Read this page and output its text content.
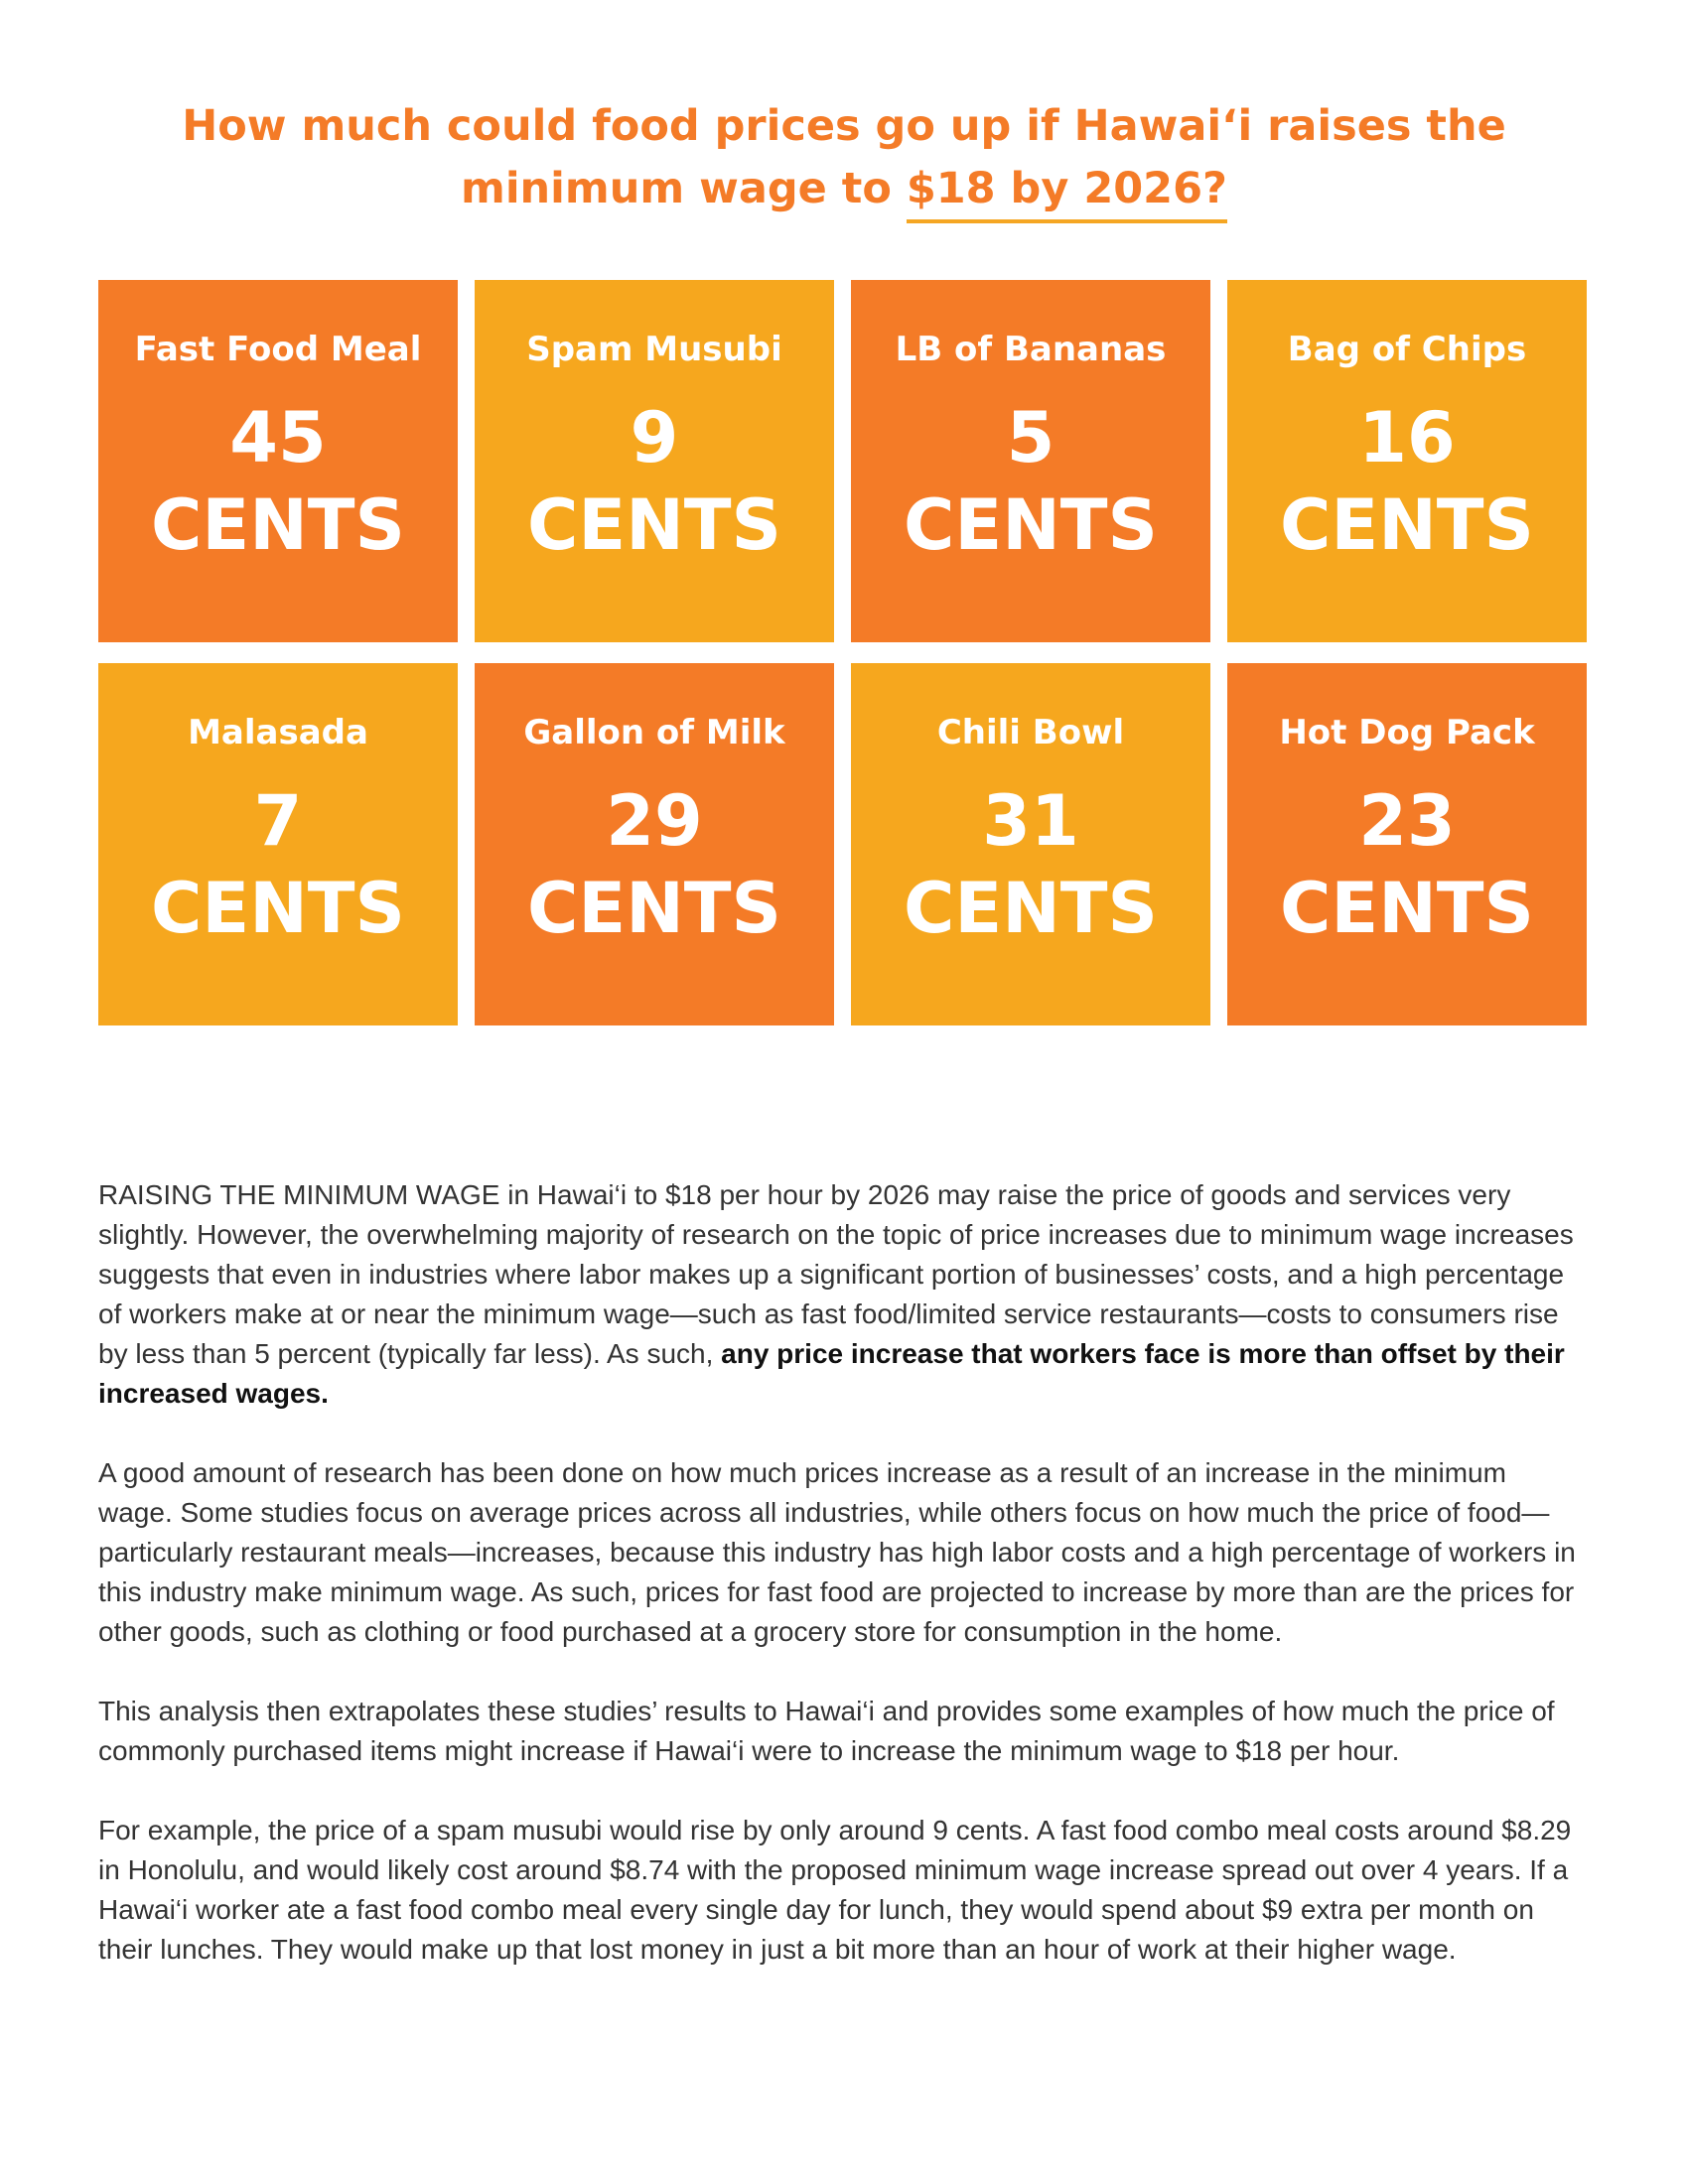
How much could food prices go up if Hawai‘i raises the
minimum wage to $18 by 2026?
Fast Food Meal
45
CENTS
Spam Musubi
9
CENTS
LB of Bananas
5
CENTS
Bag of Chips
16
CENTS
Malasada
7
CENTS
Gallon of Milk
29
CENTS
Chili Bowl
31
CENTS
Hot Dog Pack
23
CENTS

RAISING THE MINIMUM WAGE in Hawai‘i to $18 per hour by 2026 may raise the price of goods and services very slightly. However, the overwhelming majority of research on the topic of price increases due to minimum wage increases suggests that even in industries where labor makes up a significant portion of businesses’ costs, and a high percentage of workers make at or near the minimum wage—such as fast food/limited service restaurants—costs to consumers rise by less than 5 percent (typically far less). As such, any price increase that workers face is more than offset by their increased wages.

A good amount of research has been done on how much prices increase as a result of an increase in the minimum wage. Some studies focus on average prices across all industries, while others focus on how much the price of food—particularly restaurant meals—increases, because this industry has high labor costs and a high percentage of workers in this industry make minimum wage. As such, prices for fast food are projected to increase by more than are the prices for other goods, such as clothing or food purchased at a grocery store for consumption in the home.

This analysis then extrapolates these studies’ results to Hawai‘i and provides some examples of how much the price of commonly purchased items might increase if Hawai‘i were to increase the minimum wage to $18 per hour.

For example, the price of a spam musubi would rise by only around 9 cents. A fast food combo meal costs around $8.29 in Honolulu, and would likely cost around $8.74 with the proposed minimum wage increase spread out over 4 years. If a Hawai‘i worker ate a fast food combo meal every single day for lunch, they would spend about $9 extra per month on their lunches. They would make up that lost money in just a bit more than an hour of work at their higher wage.
